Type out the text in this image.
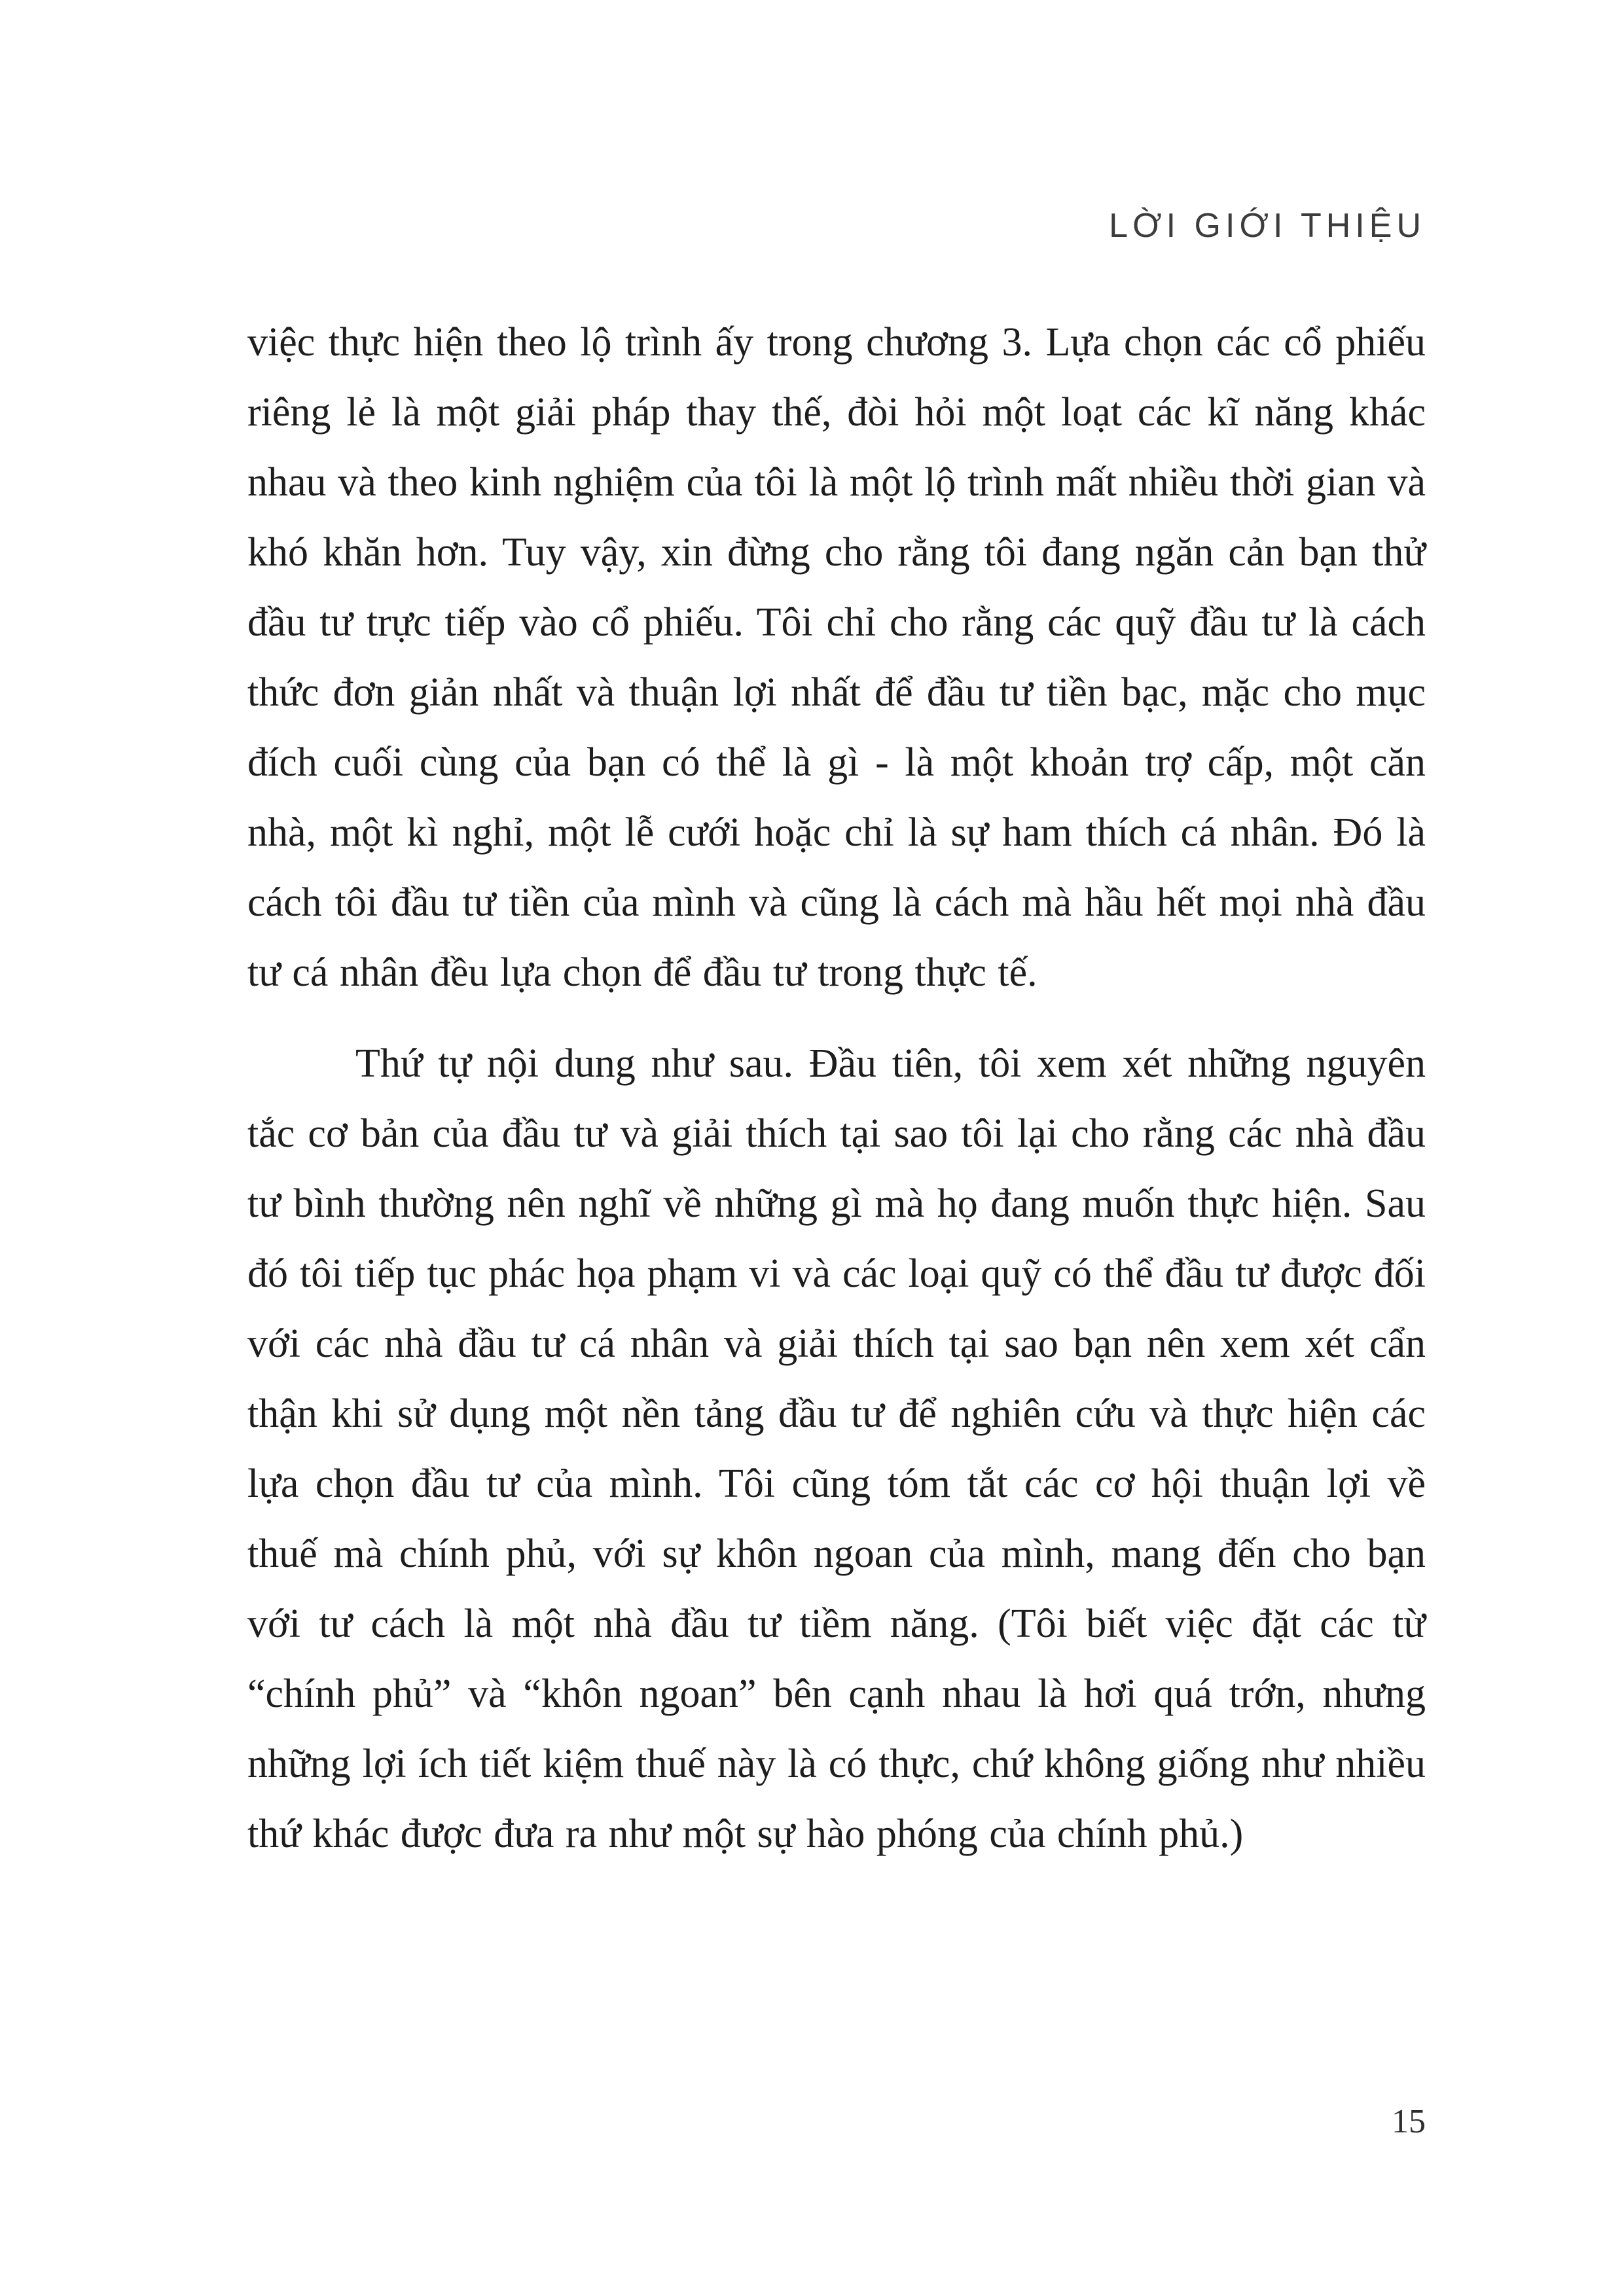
LỜI GIỚI THIỆU

việc thực hiện theo lộ trình ấy trong chương 3. Lựa chọn các cổ phiếu riêng lẻ là một giải pháp thay thế, đòi hỏi một loạt các kĩ năng khác nhau và theo kinh nghiệm của tôi là một lộ trình mất nhiều thời gian và khó khăn hơn. Tuy vậy, xin đừng cho rằng tôi đang ngăn cản bạn thử đầu tư trực tiếp vào cổ phiếu. Tôi chỉ cho rằng các quỹ đầu tư là cách thức đơn giản nhất và thuận lợi nhất để đầu tư tiền bạc, mặc cho mục đích cuối cùng của bạn có thể là gì - là một khoản trợ cấp, một căn nhà, một kì nghỉ, một lễ cưới hoặc chỉ là sự ham thích cá nhân. Đó là cách tôi đầu tư tiền của mình và cũng là cách mà hầu hết mọi nhà đầu tư cá nhân đều lựa chọn để đầu tư trong thực tế.

Thứ tự nội dung như sau. Đầu tiên, tôi xem xét những nguyên tắc cơ bản của đầu tư và giải thích tại sao tôi lại cho rằng các nhà đầu tư bình thường nên nghĩ về những gì mà họ đang muốn thực hiện. Sau đó tôi tiếp tục phác họa phạm vi và các loại quỹ có thể đầu tư được đối với các nhà đầu tư cá nhân và giải thích tại sao bạn nên xem xét cẩn thận khi sử dụng một nền tảng đầu tư để nghiên cứu và thực hiện các lựa chọn đầu tư của mình. Tôi cũng tóm tắt các cơ hội thuận lợi về thuế mà chính phủ, với sự khôn ngoan của mình, mang đến cho bạn với tư cách là một nhà đầu tư tiềm năng. (Tôi biết việc đặt các từ “chính phủ” và “khôn ngoan” bên cạnh nhau là hơi quá trớn, nhưng những lợi ích tiết kiệm thuế này là có thực, chứ không giống như nhiều thứ khác được đưa ra như một sự hào phóng của chính phủ.)

15
